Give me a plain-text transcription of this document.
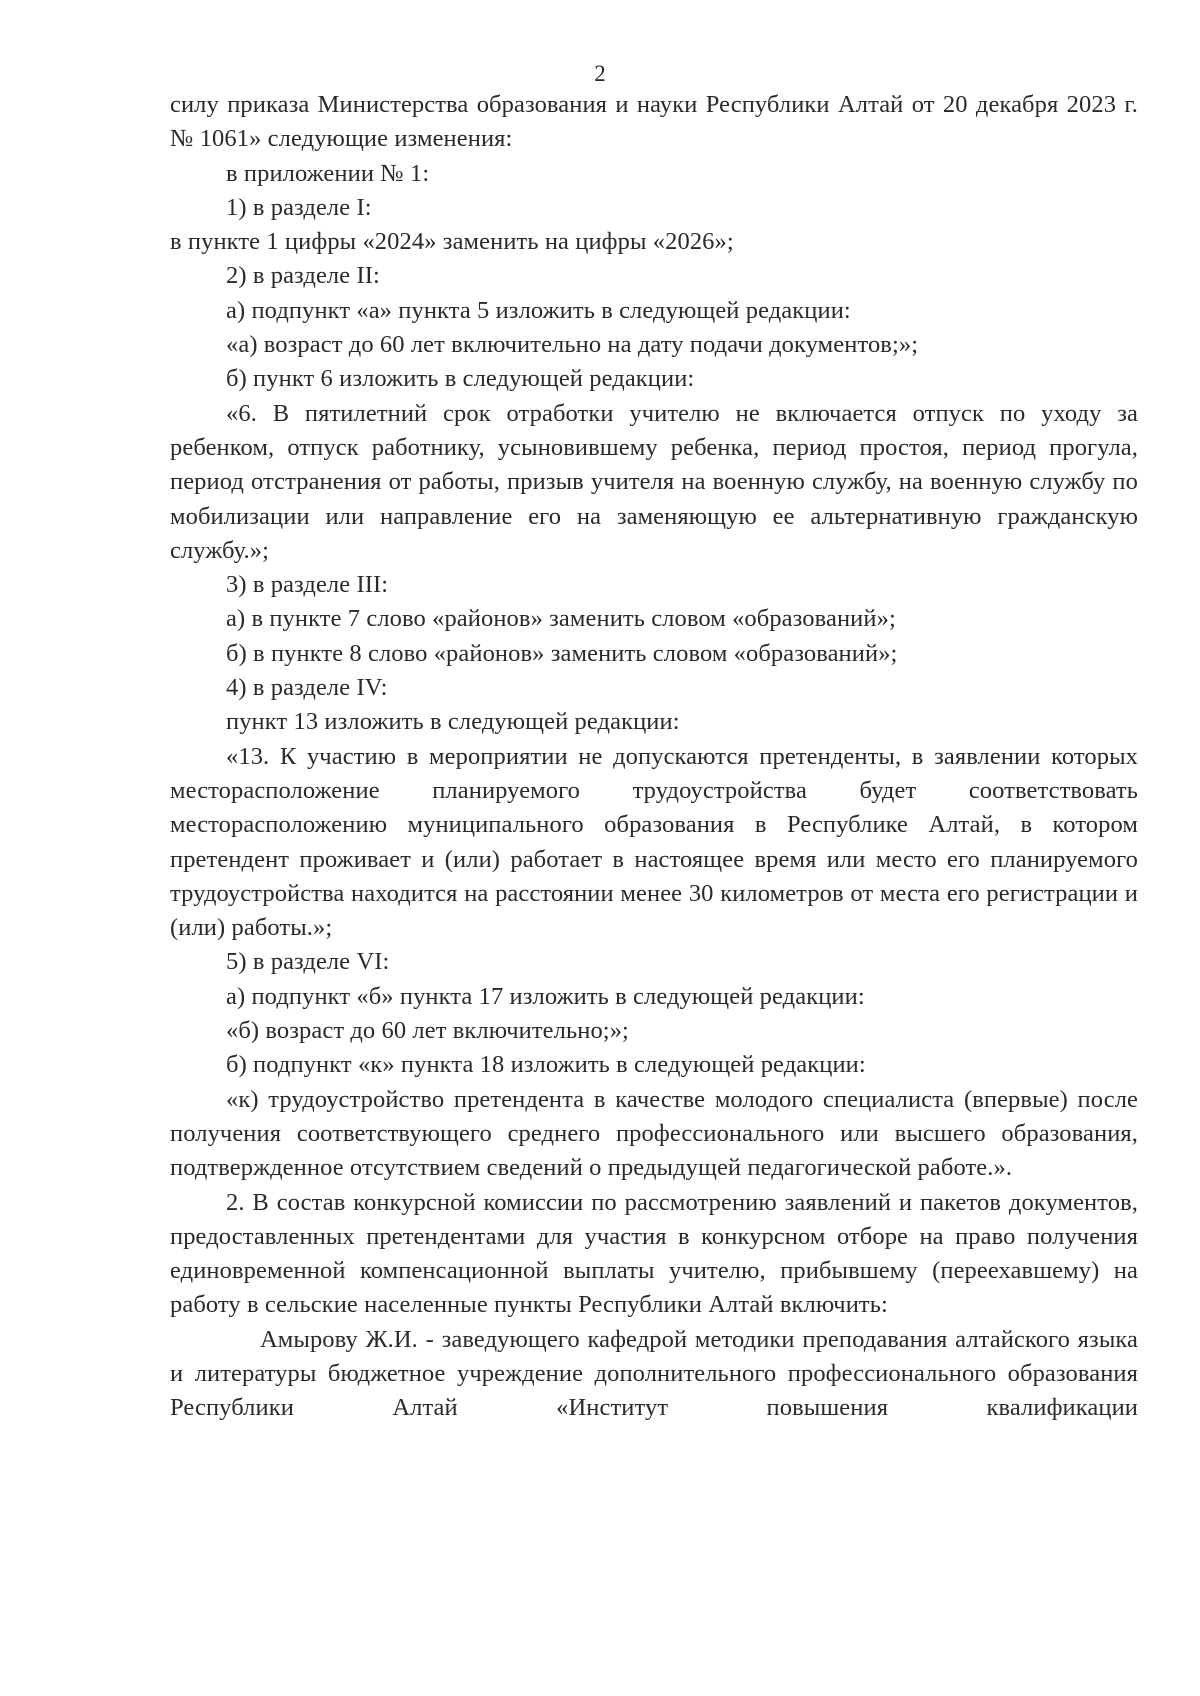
2

силу приказа Министерства образования и науки Республики Алтай от 20 декабря 2023 г. № 1061» следующие изменения:

в приложении № 1:

1) в разделе I:

в пункте 1 цифры «2024» заменить на цифры «2026»;

2) в разделе II:

а) подпункт «а» пункта 5 изложить в следующей редакции:

«а) возраст до 60 лет включительно на дату подачи документов;»;

б) пункт 6 изложить в следующей редакции:

«6. В пятилетний срок отработки учителю не включается отпуск по уходу за ребенком, отпуск работнику, усыновившему ребенка, период простоя, период прогула, период отстранения от работы, призыв учителя на военную службу, на военную службу по мобилизации или направление его на заменяющую ее альтернативную гражданскую службу.»;

3) в разделе III:

а) в пункте 7 слово «районов» заменить словом «образований»;

б) в пункте 8 слово «районов» заменить словом «образований»;

4) в разделе IV:

пункт 13 изложить в следующей редакции:

«13. К участию в мероприятии не допускаются претенденты, в заявлении которых месторасположение планируемого трудоустройства будет соответствовать месторасположению муниципального образования в Республике Алтай, в котором претендент проживает и (или) работает в настоящее время или место его планируемого трудоустройства находится на расстоянии менее 30 километров от места его регистрации и (или) работы.»;

5) в разделе VI:

а) подпункт «б» пункта 17 изложить в следующей редакции:

«б) возраст до 60 лет включительно;»;

б) подпункт «к» пункта 18 изложить в следующей редакции:

«к) трудоустройство претендента в качестве молодого специалиста (впервые) после получения соответствующего среднего профессионального или высшего образования, подтвержденное отсутствием сведений о предыдущей педагогической работе.».

2. В состав конкурсной комиссии по рассмотрению заявлений и пакетов документов, предоставленных претендентами для участия в конкурсном отборе на право получения единовременной компенсационной выплаты учителю, прибывшему (переехавшему) на работу в сельские населенные пункты Республики Алтай включить:

Амырову Ж.И. - заведующего кафедрой методики преподавания алтайского языка и литературы бюджетное учреждение дополнительного профессионального образования Республики Алтай «Институт повышения квалификации
